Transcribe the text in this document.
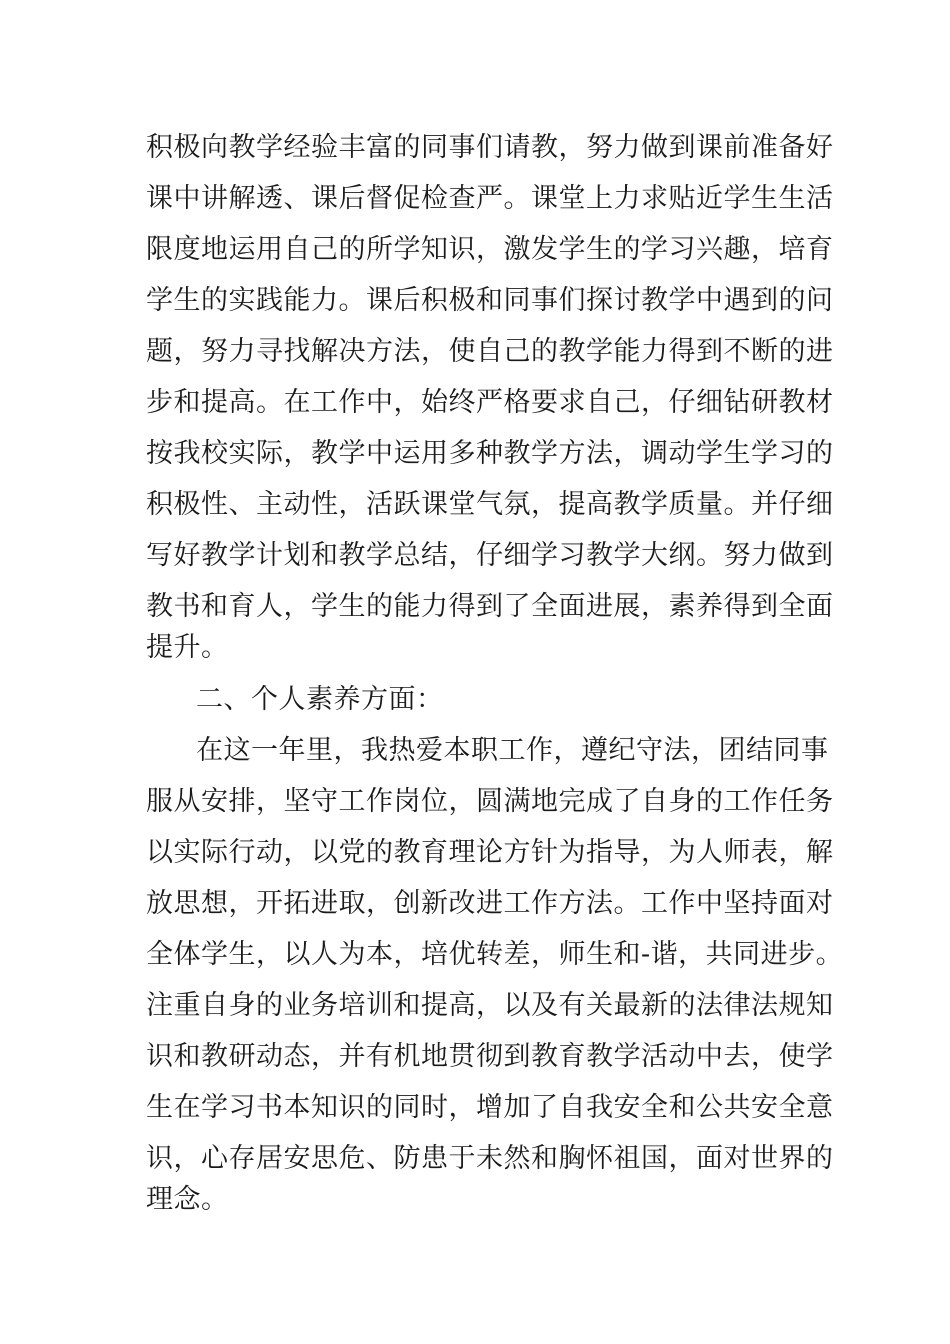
积极向教学经验丰富的同事们请教，努力做到课前准备好
课中讲解透、课后督促检查严。课堂上力求贴近学生生活
限度地运用自己的所学知识，激发学生的学习兴趣，培育
学生的实践能力。课后积极和同事们探讨教学中遇到的问
题，努力寻找解决方法，使自己的教学能力得到不断的进
步和提高。在工作中，始终严格要求自己，仔细钻研教材
按我校实际，教学中运用多种教学方法，调动学生学习的
积极性、主动性，活跃课堂气氛，提高教学质量。并仔细
写好教学计划和教学总结，仔细学习教学大纲。努力做到
教书和育人，学生的能力得到了全面进展，素养得到全面
提升。
二、个人素养方面：
在这一年里，我热爱本职工作，遵纪守法，团结同事
服从安排，坚守工作岗位，圆满地完成了自身的工作任务
以实际行动，以党的教育理论方针为指导，为人师表，解
放思想，开拓进取，创新改进工作方法。工作中坚持面对
全体学生，以人为本，培优转差，师生和-谐，共同进步。
注重自身的业务培训和提高，以及有关最新的法律法规知
识和教研动态，并有机地贯彻到教育教学活动中去，使学
生在学习书本知识的同时，增加了自我安全和公共安全意
识，心存居安思危、防患于未然和胸怀祖国，面对世界的
理念。
